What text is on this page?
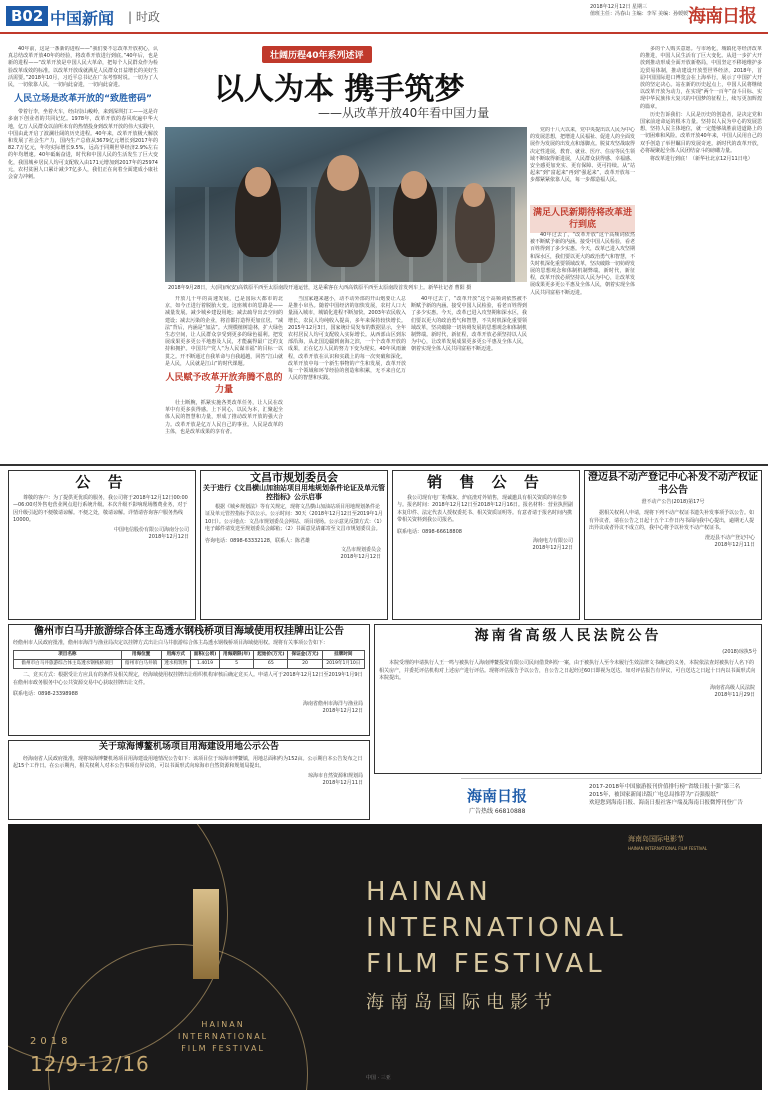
B02 中国新闻 | 时政
2018年12月12日 星期三
值班主任：冯春山 主编：李军 美编：孙媛媛 海南日报
壮阔历程40年系列述评
以人为本 携手筑梦
——从改革开放40年看中国力量

40年前，这是一条新的进程——“我们要不忘改革开放初心，认真总结改革开放40年的经验，将改革开放进行到底。”40年后，也是新的进程——“改革开放是中国人民大革命，把每个人民群众作为检验改革成效的标准。以改革开放成就满足人民群众日益增长的美好生活需要。”2018年10月，习近平总书记在广东考察时说。一切为了人民，一切依靠人民，一切向此奋进，一切向此奋进。

人民立场是改革开放的“致胜密码”

带着行李，坐着火车，经由崇山峻岭，来到深圳打工——这是许多南下创业者的共同记忆。1978年，改革开放的春风吹遍中华大地，亿万人民群众以前所未有的热情投身到改革开放的伟大实践中，中国由此开启了波澜壮阔的历史进程。40年来，改革开放极大解放和发展了社会生产力，国内生产总值从3679亿元增长到2017年的82.7万亿元，年均实际增长9.5%，远高于同期世界经济2.9%左右的年均增速。40年砥砺奋进，时代和中国人民的生活发生了巨大变化，我国城乡居民人均可支配收入由171元增加到2017年的25974元，农村贫困人口累计减少7亿多人，我们正在向着全面建成小康社会奋力冲刺。

开放几十年的高速发展，已是国际大都市的北京，如今正进行着脱胎大变。这座城市的思路是——减量发展。减少城乡建设用地；减去疏导出去空间的建设；减去污染的企业，将首都打造得更加宜居。“减法”背后，内涵是“加法”。大规模植树造林，扩大绿色生态空间，让人民群众享受到更多的绿色福利。把发展成果更多更公平地惠及人民，才能赢得最广泛的支持和拥护。中国共产党人“为人民谋幸福”的目标一以贯之。开不断通过自我革命与自我超越，回答“江山就是人民，人民就是江山”的时代课题。

人民赋予改革开放奔腾不息的力量

壮士断腕，抓紧实施各类改革任务，让人民在改革中有更多获得感。上下同心，以民为本，汇聚起全体人民的智慧和力量，形成了推动改革开放的强大合力。改革开放是亿万人民自己的事业。人民是改革的主体，也是改革成果的享有者。

2018年9月28日，大(同)西(安)高铁原平西至太原南段开通运营，这是乘客在大西高铁原平西至太原南段首发列车上。新华社记者 曹阳 摄

当国家越来越小，动不动外部的开山炮要让人总是推小帛丛。随着中国经济的加快发展，农村人口大量涌入城市，城镇化进程不断加快。2003年农民收入增长，农民人均纯收入提高，多年来保持较快增长。2015年12月3日，国家统计局发布的数据显示，全年农村居民人均可支配收入实际增长。从西部山区到东部沿海，从北国边疆到南海之滨，一个个改革开放的成果，正在亿万人民的努力下变为现实。40年风雨兼程，改革开放在认识和实践上的每一次突破和深化，改革开放中每一个新生事物的产生和发展，改革开放每一个领域和环节经验的创造和积累，无不来自亿万人民的智慧和实践。

40年过去了，“改革开放”这个高频词依然被不断赋予新的内涵。接受中国人民检验，看老百姓得到了多少实惠。今天，改革已进入攻坚期和深水区，我们要以更大的政治勇气和智慧，不失时机深化重要领域改革，坚决破除一切妨碍发展的思想观念和体制机制弊端。新时代，新征程，改革开放必须坚持以人民为中心，让改革发展成果更多更公平惠及全体人民，朝着实现全体人民共同富裕不断迈进。

党的十八大以来，党中央提出以人民为中心的发展思想，把增进人民福祉、促进人的全面发展作为发展的出发点和落脚点。脱贫攻坚战取得决定性进展，教育、就业、医疗、住房等民生领域不断取得新进展，人民群众获得感、幸福感、安全感更加充实、更有保障、更可持续。从“站起来”到“富起来”再到“强起来”，改革开放每一步都紧紧依靠人民，每一步都造福人民。

满足人民新期待将改革进行到底

40年过去了，“改革开放”这个高频词依然被不断赋予新的内涵。接受中国人民检验，看老百姓得到了多少实惠。今天，改革已进入攻坚期和深水区，我们要以更大的政治勇气和智慧，不失时机深化重要领域改革，坚决破除一切妨碍发展的思想观念和体制机制弊端。新时代，新征程，改革开放必须坚持以人民为中心，让改革发展成果更多更公平惠及全体人民，朝着实现全体人民共同富裕不断迈进。

多的个人购买意愿。与市场化，城镇化等经济改革的推进，中国人民生活有了巨大变化。从进一步扩大开放到推动形成全面开放新格局，中国坚定不移地维护多边贸易体制，推动建设开放型世界经济。2018年，首届中国国际进口博览会在上海举行，展示了中国扩大开放的坚定决心。站在新的历史起点上，中国人民将继续以改革开放为动力，在实现“两个一百年”奋斗目标、实现中华民族伟大复兴的中国梦的征程上，续写更加辉煌的篇章。

历史告诉我们：人民是历史的创造者，是决定党和国家前途命运的根本力量。坚持以人民为中心的发展思想，坚持人民主体地位，就一定能够战胜前进道路上的一切困难和风险。改革开放40年来，中国人民用自己的双手创造了举世瞩目的发展奇迹。新时代的改革开放，必将凝聚起全体人民团结奋斗的磅礴力量。

将改革进行到底！（新华社北京12月11日电）

公 告

尊敬的客户：为了提供更优质的服务，我公司将于2018年12月12日00:00—06:00对外售电营业网点进行系统升级。本次升级不影响现场缴费业务，对于因升级引起的不便敬请谅解。不便之处，敬请谅解。详情请咨询客户服务热线10000。

中国电信股份有限公司海南分公司
2018年12月12日
文昌市规划委员会
关于进行《文昌横山加油站项目用地规划条件论证及单元管控指标》公示启事

根据《城乡规划法》等有关规定，现将文昌横山加油站项目用地规划条件论证及单元管控指标予以公示。公示时间：30天（2018年12月12日至2019年1月10日）。公示地点：文昌市规划委员会网站、项目现场。公示意见反馈方式：（1）电子邮件请发送至规划委员会邮箱；（2）书面意见请邮寄至文昌市规划委员会。

咨询电话：0898-63332128，联系人：陈君雄
文昌市规划委员会
2018年12月12日
销 售 公 告

我公司现有电厂粉煤灰、炉底渣对外销售，现诚邀具有相关资质的单位参与。报名时间：2018年12月12日至2018年12月16日。报名材料：营业执照副本复印件、法定代表人授权委托书、相关资质证明等。有意者请于报名时间内携带相关资料到我公司报名。

联系电话：0898-66618808
海南电力有限公司
2018年12月12日
澄迈县不动产登记中心补发不动产权证书公告
澄不动产公告(2018)第17号

据相关权利人申请，现将下列不动产权证书遗失补发事项予以公告。如有异议者，请在公告之日起十五个工作日内书面向我中心提出，逾期无人提出异议或者异议不成立的，我中心将予以补发不动产权证书。

澄迈县不动产登记中心
2018年12月11日
儋州市白马井旅游综合体主岛透水钢栈桥项目海域使用权挂牌出让公告
经儋州市人民政府批准，儋州市海洋与渔业局决定以挂牌方式出让白马井旅游综合体主岛透水钢栈桥项目海域使用权。现将有关事项公告如下：
项目名称	用海位置	用海方式	面积(公顷)	用海期限(年)	起始价(万元)	保证金(万元)	挂牌时间
儋州市白马井旅游综合体主岛透水钢栈桥项目	儋州市白马井镇	透水构筑物	1.4019	5	65	20	2019年1月10日

二、竞买方式：根据受让方应具有的条件及相关规定，经海域使用权挂牌出让组织机构审核后确定竞买人。申请人可于2018年12月12日至2019年1月9日在儋州市政务服务中心公共资源交易中心获取挂牌出让文件。

联系电话：0898-23398988
海南省儋州市海洋与渔业局
2018年12月12日
关于琼海博鳌机场项目用海建设用地公示公告

经海南省人民政府批准，现将琼海博鳌机场项目用海建设用地情况公告如下：该项目位于琼海市博鳌镇，用地总面积约为152亩。公示期自本公告发布之日起15个工作日。在公示期内，相关权利人对本公告事项有异议的，可以书面形式向琼海市自然资源和规划局提出。

琼海市自然资源和规划局
2018年12月11日
海南省高级人民法院公告
(2018)琼执5号

本院受理的申请执行人王一鸣与被执行人海南博鳌投资有限公司民间借贷纠纷一案，由于被执行人至今未履行生效法律文书确定的义务，本院依法查封被执行人名下的相关房产，并委托评估机构对上述房产进行评估。现将评估报告予以公告，自公告之日起经过60日即视为送达。如对评估报告有异议，可自送达之日起十日内以书面形式向本院提出。

海南省高级人民法院
2018年11月29日
海南日报
广告热线 66810888
2017-2018年中国旅游报刊价值排行榜“省级日报十强”第三名
2015年，被国家新闻出版广电总局推荐为“百强报纸”
欢迎您到海南日报、海南日报社客户端及海南日报微博刊登广告
HAINAN
INTERNATIONAL
FILM FESTIVAL
2018
12/9-12/16
HAINAN
INTERNATIONAL
FILM FESTIVAL
海南岛国际电影节
中国 · 三亚
海南岛国际电影节
HAINAN INTERNATIONAL FILM FESTIVAL
